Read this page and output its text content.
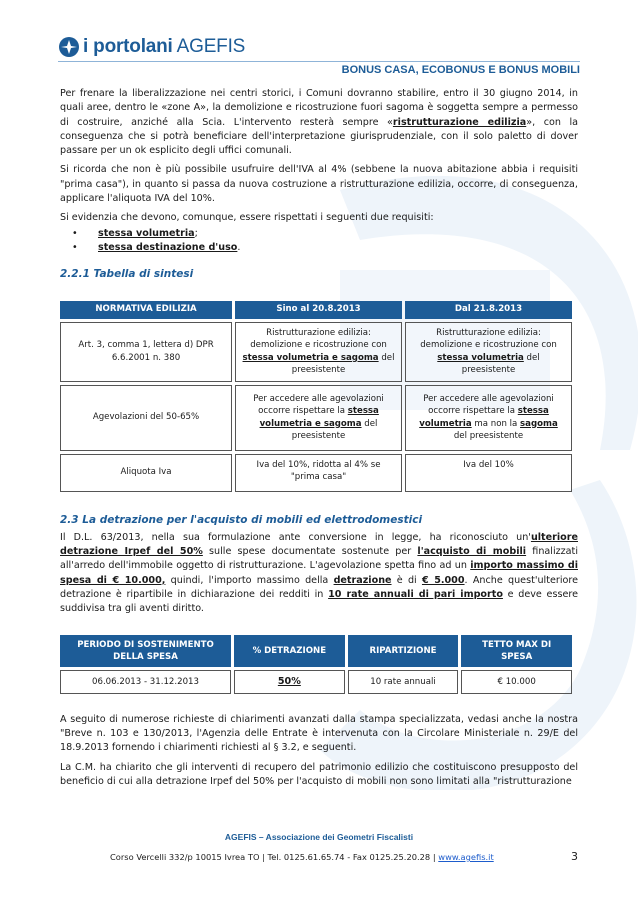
i portolani AGEFIS
BONUS CASA, ECOBONUS E BONUS MOBILI

Per frenare la liberalizzazione nei centri storici, i Comuni dovranno stabilire, entro il 30 giugno 2014, in quali aree, dentro le «zone A», la demolizione e ricostruzione fuori sagoma è soggetta sempre a permesso di costruire, anziché alla Scia. L'intervento resterà sempre «ristrutturazione edilizia», con la conseguenza che si potrà beneficiare dell'interpretazione giurisprudenziale, con il solo paletto di dover passare per un ok esplicito degli uffici comunali.

Si ricorda che non è più possibile usufruire dell'IVA al 4% (sebbene la nuova abitazione abbia i requisiti "prima casa"), in quanto si passa da nuova costruzione a ristrutturazione edilizia, occorre, di conseguenza, applicare l'aliquota IVA del 10%.

Si evidenzia che devono, comunque, essere rispettati i seguenti due requisiti:

• stessa volumetria;
• stessa destinazione d'uso.
2.2.1 Tabella di sintesi
NORMATIVA EDILIZIA	Sino al 20.8.2013	Dal 21.8.2013
Art. 3, comma 1, lettera d) DPR 6.6.2001 n. 380	Ristrutturazione edilizia: demolizione e ricostruzione con stessa volumetria e sagoma del preesistente	Ristrutturazione edilizia: demolizione e ricostruzione con stessa volumetria del preesistente
Agevolazioni del 50-65%	Per accedere alle agevolazioni occorre rispettare la stessa volumetria e sagoma del preesistente	Per accedere alle agevolazioni occorre rispettare la stessa volumetria ma non la sagoma del preesistente
Aliquota Iva	Iva del 10%, ridotta al 4% se "prima casa"	Iva del 10%
2.3 La detrazione per l'acquisto di mobili ed elettrodomestici

Il D.L. 63/2013, nella sua formulazione ante conversione in legge, ha riconosciuto un'ulteriore detrazione Irpef del 50% sulle spese documentate sostenute per l'acquisto di mobili finalizzati all'arredo dell'immobile oggetto di ristrutturazione. L'agevolazione spetta fino ad un importo massimo di spesa di € 10.000, quindi, l'importo massimo della detrazione è di € 5.000. Anche quest'ulteriore detrazione è ripartibile in dichiarazione dei redditi in 10 rate annuali di pari importo e deve essere suddivisa tra gli aventi diritto.

PERIODO DI SOSTENIMENTO DELLA SPESA	% DETRAZIONE	RIPARTIZIONE	TETTO MAX DI SPESA
06.06.2013 - 31.12.2013	50%	10 rate annuali	€ 10.000

A seguito di numerose richieste di chiarimenti avanzati dalla stampa specializzata, vedasi anche la nostra "Breve n. 103 e 130/2013, l'Agenzia delle Entrate è intervenuta con la Circolare Ministeriale n. 29/E del 18.9.2013 fornendo i chiarimenti richiesti al § 3.2, e seguenti.

La C.M. ha chiarito che gli interventi di recupero del patrimonio edilizio che costituiscono presupposto del beneficio di cui alla detrazione Irpef del 50% per l'acquisto di mobili non sono limitati alla "ristrutturazione

AGEFIS – Associazione dei Geometri Fiscalisti
Corso Vercelli 332/p 10015 Ivrea TO | Tel. 0125.61.65.74 - Fax 0125.25.20.28 | www.agefis.it	3
